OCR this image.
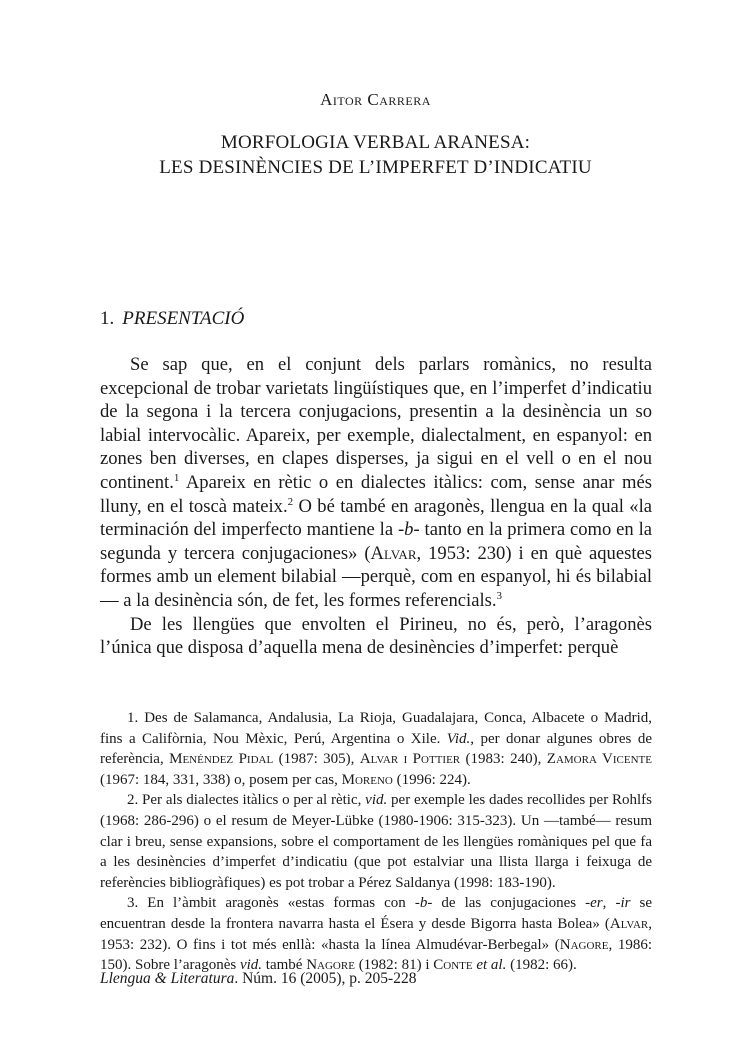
Aitor Carrera
MORFOLOGIA VERBAL ARANESA:
LES DESINÈNCIES DE L’IMPERFET D’INDICATIU
1. PRESENTACIÓ

Se sap que, en el conjunt dels parlars romànics, no resulta excepcional de trobar varietats lingüístiques que, en l’imperfet d’indicatiu de la segona i la tercera conjugacions, presentin a la desinència un so labial intervocàlic. Apareix, per exemple, dialectalment, en espanyol: en zones ben diverses, en clapes disperses, ja sigui en el vell o en el nou continent.$^1$ Apareix en rètic o en dialectes itàlics: com, sense anar més lluny, en el toscà mateix.$^2$ O bé també en aragonès, llengua en la qual «la terminación del imperfecto mantiene la -b- tanto en la primera como en la segunda y tercera conjugaciones» (Alvar, 1953: 230) i en què aquestes formes amb un element bilabial —perquè, com en espanyol, hi és bilabial— a la desinència són, de fet, les formes referencials.$^3$

De les llengües que envolten el Pirineu, no és, però, l’aragonès l’única que disposa d’aquella mena de desinències d’imperfet: perquè

1. Des de Salamanca, Andalusia, La Rioja, Guadalajara, Conca, Albacete o Madrid, fins a Califòrnia, Nou Mèxic, Perú, Argentina o Xile. Vid., per donar algunes obres de referència, Menéndez Pidal (1987: 305), Alvar i Pottier (1983: 240), Zamora Vicente (1967: 184, 331, 338) o, posem per cas, Moreno (1996: 224).

2. Per als dialectes itàlics o per al rètic, vid. per exemple les dades recollides per Rohlfs (1968: 286-296) o el resum de Meyer-Lübke (1980-1906: 315-323). Un —també— resum clar i breu, sense expansions, sobre el comportament de les llengües romàniques pel que fa a les desinències d’imperfet d’indicatiu (que pot estalviar una llista llarga i feixuga de referències bibliogràfiques) es pot trobar a Pérez Saldanya (1998: 183-190).

3. En l’àmbit aragonès «estas formas con -b- de las conjugaciones -er, -ir se encuentran desde la frontera navarra hasta el Ésera y desde Bigorra hasta Bolea» (Alvar, 1953: 232). O fins i tot més enllà: «hasta la línea Almudévar-Berbegal» (Nagore, 1986: 150). Sobre l’aragonès vid. també Nagore (1982: 81) i Conte et al. (1982: 66).

Llengua & Literatura. Núm. 16 (2005), p. 205-228
